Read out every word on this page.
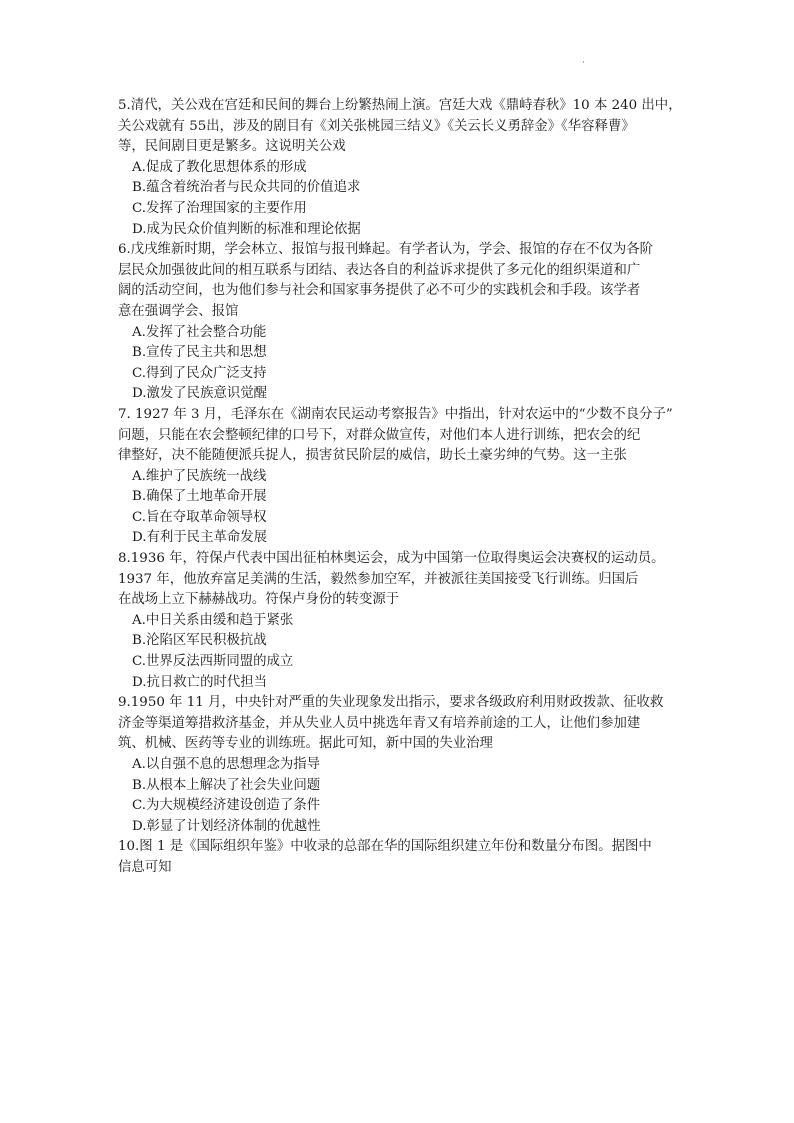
·
5.清代，关公戏在宫廷和民间的舞台上纷繁热闹上演。宫廷大戏《鼎峙春秋》10 本 240 出中，
关公戏就有 55出，涉及的剧目有《刘关张桃园三结义》《关云长义勇辞金》《华容释曹》
等，民间剧目更是繁多。这说明关公戏
A.促成了教化思想体系的形成
B.蕴含着统治者与民众共同的价值追求
C.发挥了治理国家的主要作用
D.成为民众价值判断的标准和理论依据
6.戊戌维新时期，学会林立、报馆与报刊蜂起。有学者认为，学会、报馆的存在不仅为各阶
层民众加强彼此间的相互联系与团结、表达各自的利益诉求提供了多元化的组织渠道和广
阔的活动空间，也为他们参与社会和国家事务提供了必不可少的实践机会和手段。该学者
意在强调学会、报馆
A.发挥了社会整合功能
B.宣传了民主共和思想
C.得到了民众广泛支持
D.激发了民族意识觉醒
7. 1927 年 3 月，毛泽东在《湖南农民运动考察报告》中指出，针对农运中的“少数不良分子”
问题，只能在农会整顿纪律的口号下，对群众做宣传，对他们本人进行训练，把农会的纪
律整好，决不能随便派兵捉人，损害贫民阶层的威信，助长土豪劣绅的气势。这一主张
A.维护了民族统一战线
B.确保了土地革命开展
C.旨在夺取革命领导权
D.有利于民主革命发展
8.1936 年，符保卢代表中国出征柏林奥运会，成为中国第一位取得奥运会决赛权的运动员。
1937 年，他放弃富足美满的生活，毅然参加空军，并被派往美国接受飞行训练。归国后
在战场上立下赫赫战功。符保卢身份的转变源于
A.中日关系由缓和趋于紧张
B.沦陷区军民积极抗战
C.世界反法西斯同盟的成立
D.抗日救亡的时代担当
9.1950 年 11 月，中央针对严重的失业现象发出指示，要求各级政府利用财政拨款、征收救
济金等渠道筹措救济基金，并从失业人员中挑选年青又有培养前途的工人，让他们参加建
筑、机械、医药等专业的训练班。据此可知，新中国的失业治理
A.以自强不息的思想理念为指导
B.从根本上解决了社会失业问题
C.为大规模经济建设创造了条件
D.彰显了计划经济体制的优越性
10.图 1 是《国际组织年鉴》中收录的总部在华的国际组织建立年份和数量分布图。据图中
信息可知
